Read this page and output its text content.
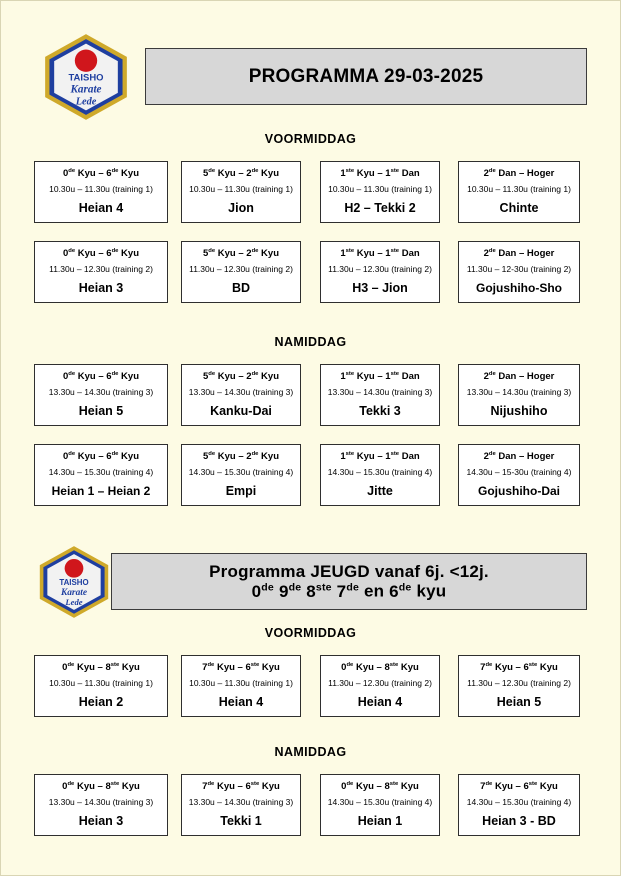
TAISHO
Karate
Lede
PROGRAMMA 29-03-2025
TAISHO
Karate
Lede
Programma JEUGD vanaf 6j. <12j.
0de 9de 8ste 7de en 6de kyu
VOORMIDDAG
0de Kyu – 6de Kyu
10.30u – 11.30u (training 1)
Heian 4
5de Kyu – 2de Kyu
10.30u – 11.30u (training 1)
Jion
1ste Kyu – 1ste Dan
10.30u – 11.30u (training 1)
H2 – Tekki 2
2de Dan – Hoger
10.30u – 11.30u (training 1)
Chinte
0de Kyu – 6de Kyu
11.30u – 12.30u (training 2)
Heian 3
5de Kyu – 2de Kyu
11.30u – 12.30u (training 2)
BD
1ste Kyu – 1ste Dan
11.30u – 12.30u (training 2)
H3 – Jion
2de Dan – Hoger
11.30u – 12-30u (training 2)
Gojushiho-Sho
NAMIDDAG
0de Kyu – 6de Kyu
13.30u – 14.30u (training 3)
Heian 5
5de Kyu – 2de Kyu
13.30u – 14.30u (training 3)
Kanku-Dai
1ste Kyu – 1ste Dan
13.30u – 14.30u (training 3)
Tekki 3
2de Dan – Hoger
13.30u – 14.30u (training 3)
Nijushiho
0de Kyu – 6de Kyu
14.30u – 15.30u (training 4)
Heian 1 – Heian 2
5de Kyu – 2de Kyu
14.30u – 15.30u (training 4)
Empi
1ste Kyu – 1ste Dan
14.30u – 15.30u (training 4)
Jitte
2de Dan – Hoger
14.30u – 15-30u (training 4)
Gojushiho-Dai
VOORMIDDAG
0de Kyu – 8ste Kyu
10.30u – 11.30u (training 1)
Heian 2
7de Kyu – 6ste Kyu
10.30u – 11.30u (training 1)
Heian 4
0de Kyu – 8ste Kyu
11.30u – 12.30u (training 2)
Heian 4
7de Kyu – 6ste Kyu
11.30u – 12.30u (training 2)
Heian 5
NAMIDDAG
0de Kyu – 8ste Kyu
13.30u – 14.30u (training 3)
Heian 3
7de Kyu – 6ste Kyu
13.30u – 14.30u (training 3)
Tekki 1
0de Kyu – 8ste Kyu
14.30u – 15.30u (training 4)
Heian 1
7de Kyu – 6ste Kyu
14.30u – 15.30u (training 4)
Heian 3 - BD
